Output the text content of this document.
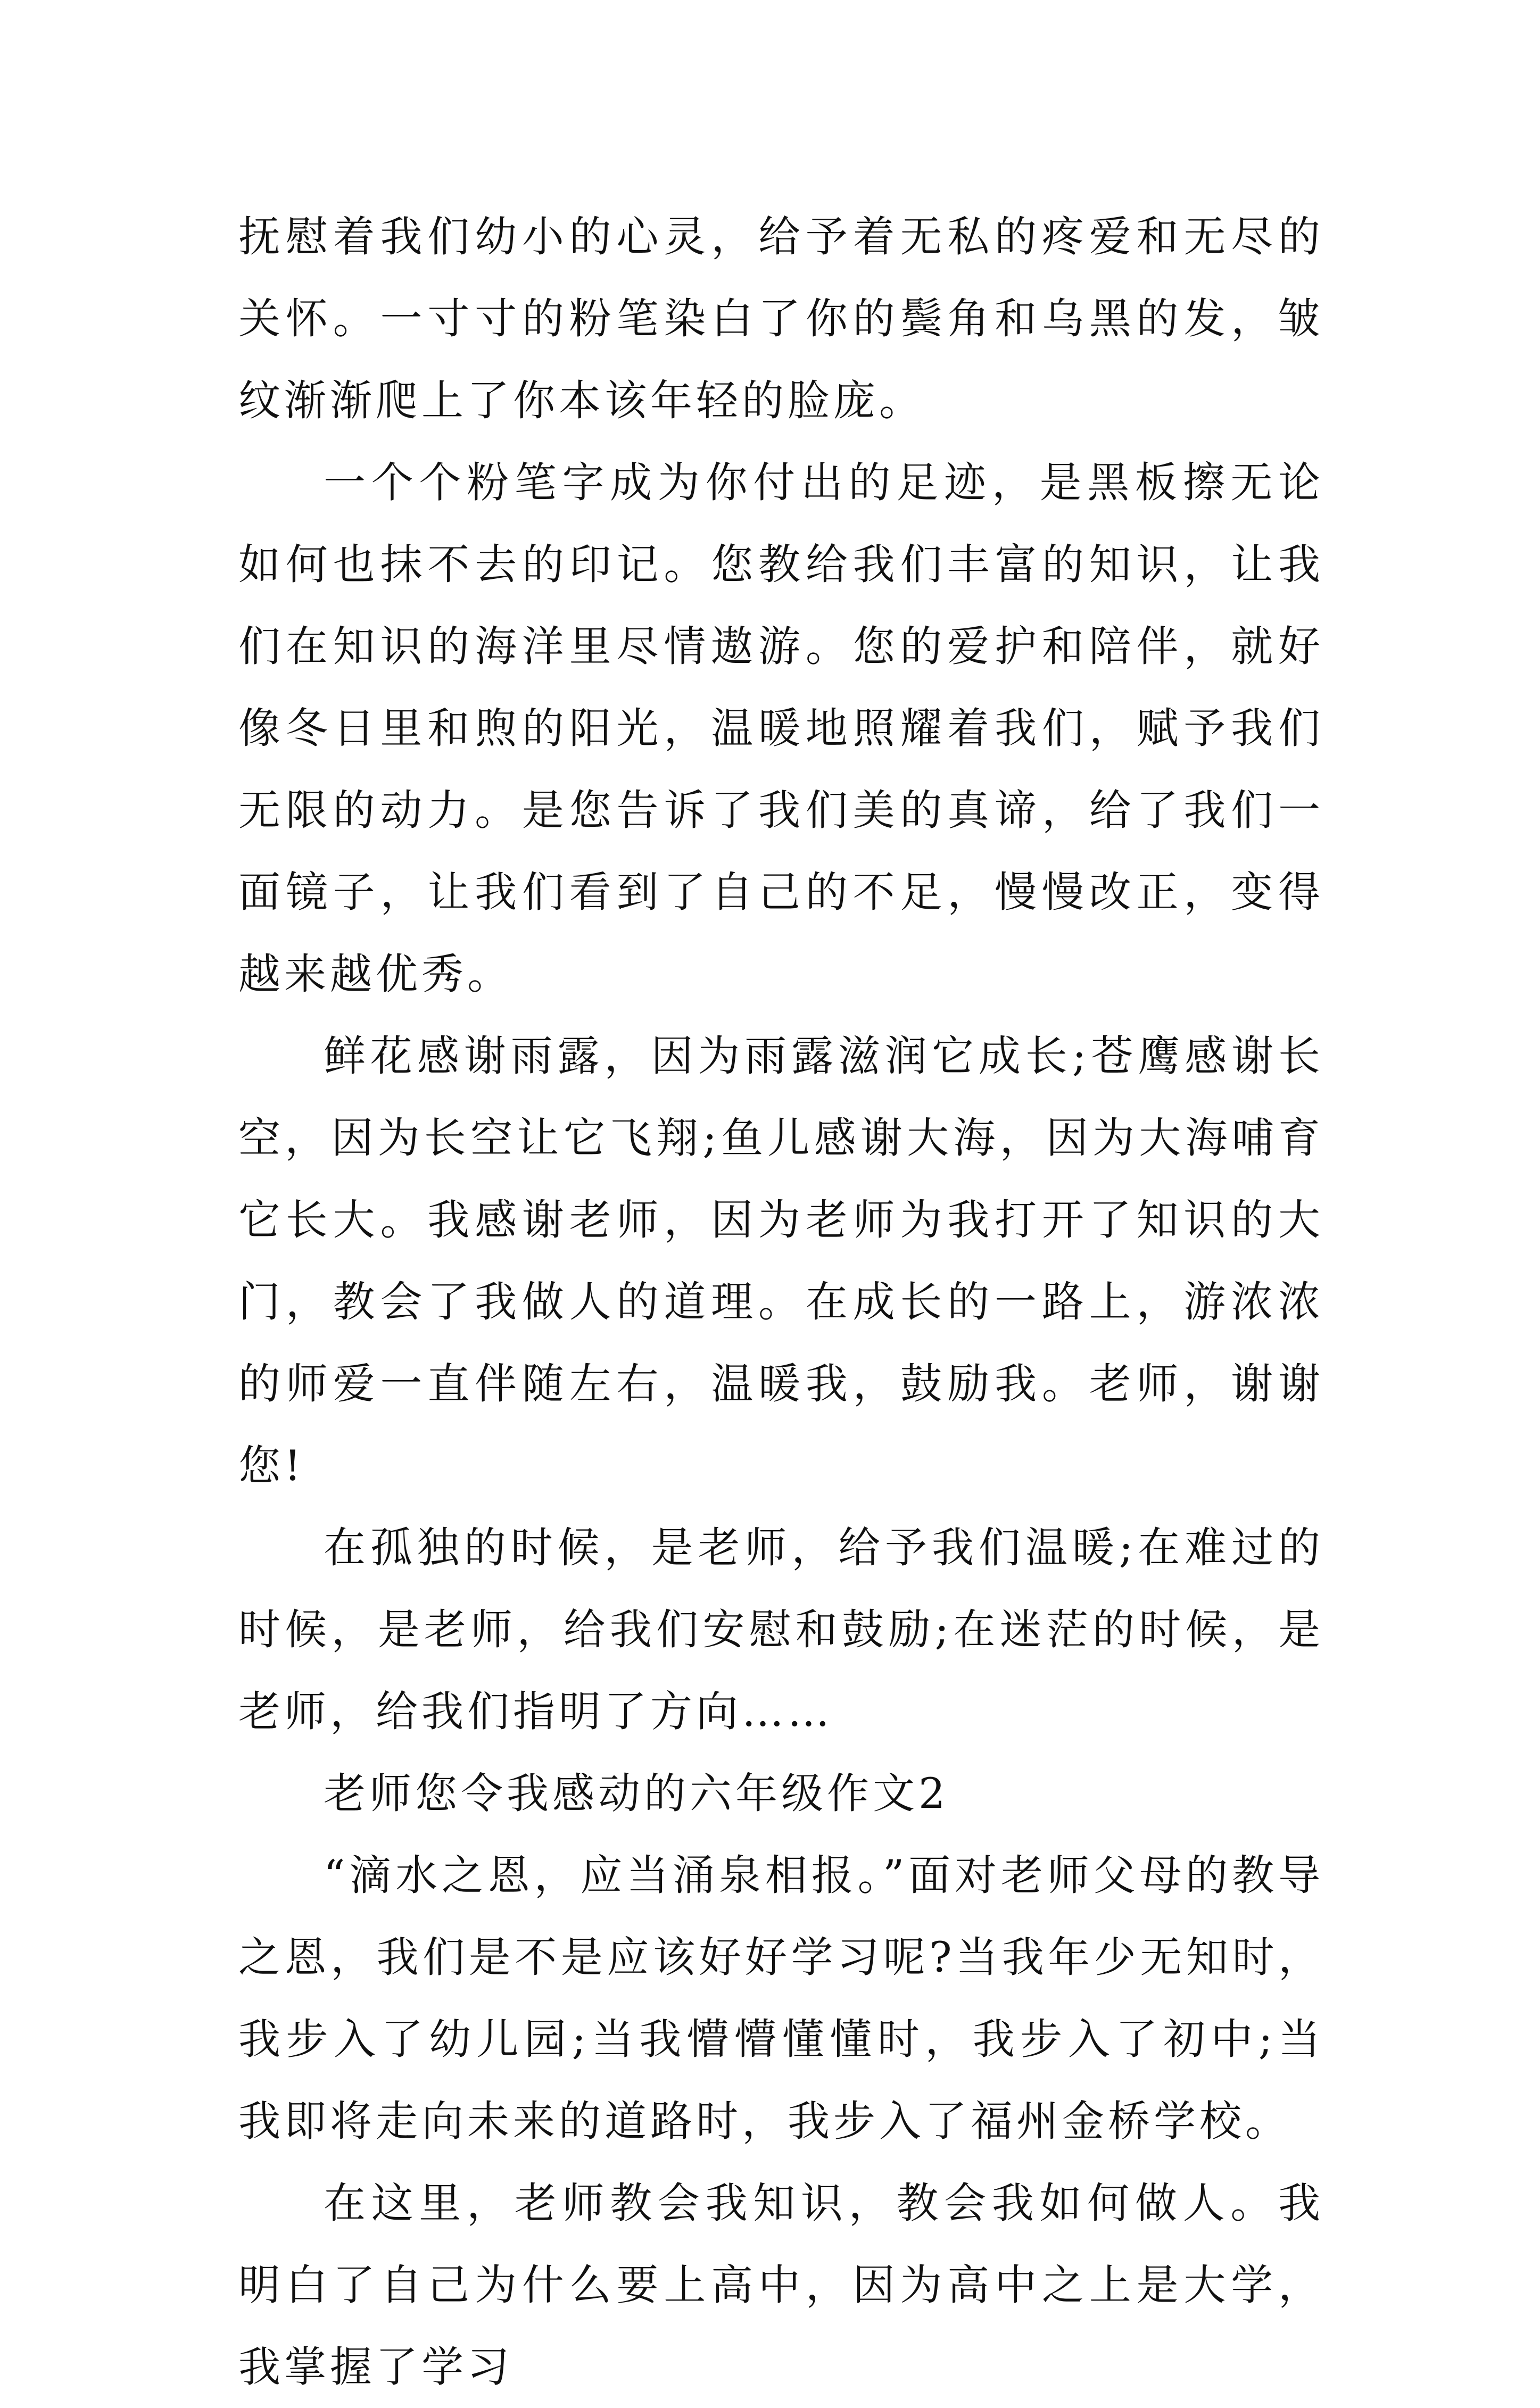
抚慰着我们幼小的心灵，给予着无私的疼爱和无尽的关怀。一寸寸的粉笔染白了你的鬓角和乌黑的发，皱纹渐渐爬上了你本该年轻的脸庞。

一个个粉笔字成为你付出的足迹，是黑板擦无论如何也抹不去的印记。您教给我们丰富的知识，让我们在知识的海洋里尽情遨游。您的爱护和陪伴，就好像冬日里和煦的阳光，温暖地照耀着我们，赋予我们无限的动力。是您告诉了我们美的真谛，给了我们一面镜子，让我们看到了自己的不足，慢慢改正，变得越来越优秀。

鲜花感谢雨露，因为雨露滋润它成长;苍鹰感谢长空，因为长空让它飞翔;鱼儿感谢大海，因为大海哺育它长大。我感谢老师，因为老师为我打开了知识的大门，教会了我做人的道理。在成长的一路上，游浓浓的师爱一直伴随左右，温暖我，鼓励我。老师，谢谢您!

在孤独的时候，是老师，给予我们温暖;在难过的时候，是老师，给我们安慰和鼓励;在迷茫的时候，是老师，给我们指明了方向……

老师您令我感动的六年级作文2

“滴水之恩，应当涌泉相报。”面对老师父母的教导之恩，我们是不是应该好好学习呢?当我年少无知时，我步入了幼儿园;当我懵懵懂懂时，我步入了初中;当我即将走向未来的道路时，我步入了福州金桥学校。

在这里，老师教会我知识，教会我如何做人。我明白了自己为什么要上高中，因为高中之上是大学，我掌握了学习
